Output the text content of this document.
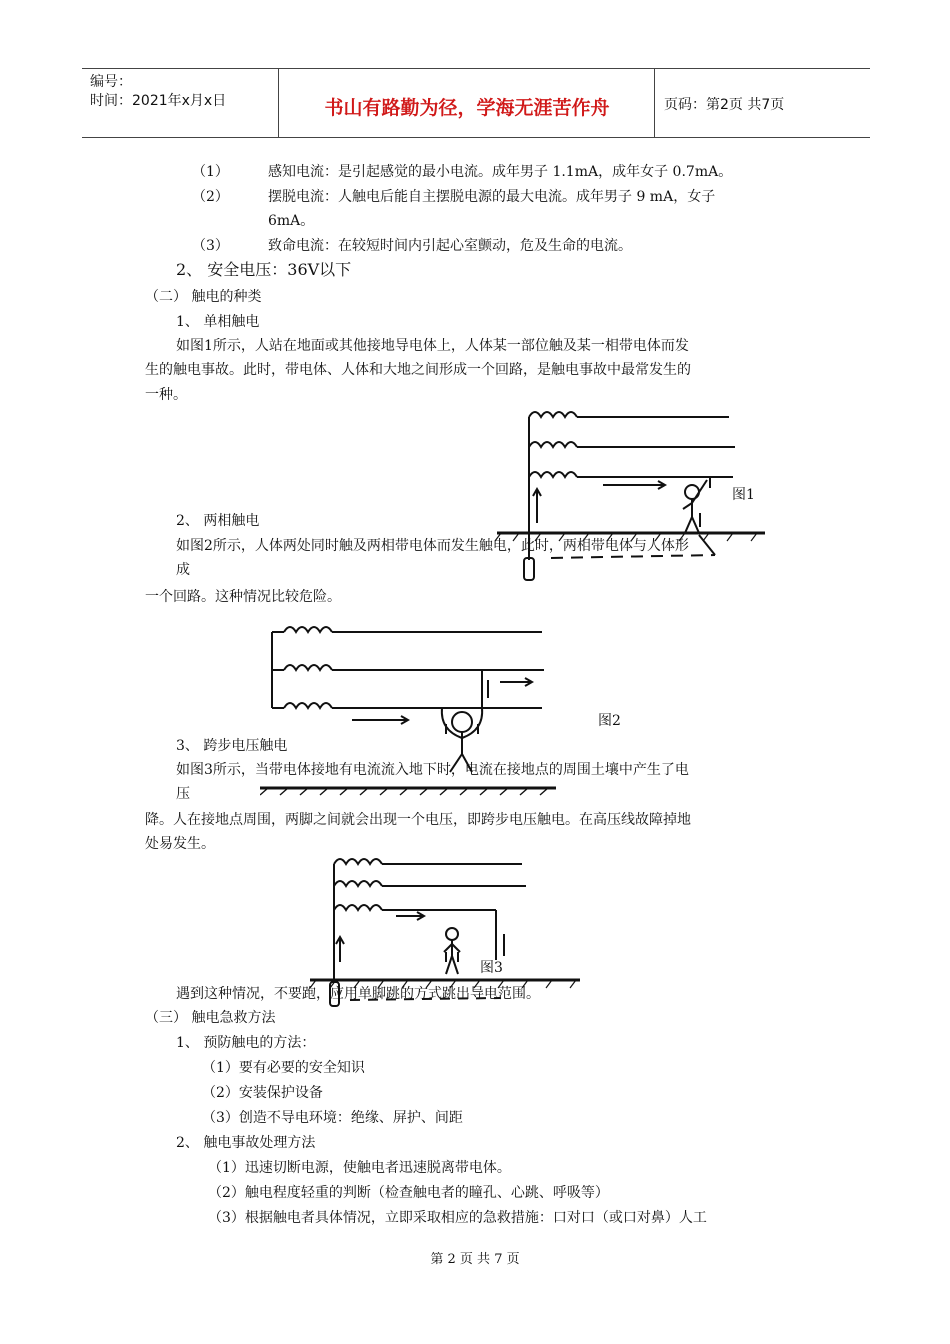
编号：
时间：2021年x月x日	书山有路勤为径，学海无涯苦作舟	页码：第2页 共7页
（1）	感知电流：是引起感觉的最小电流。成年男子 1.1mA，成年女子 0.7mA。
（2）	摆脱电流：人触电后能自主摆脱电源的最大电流。成年男子 9 mA，女子
6mA。
（3）	致命电流：在较短时间内引起心室颤动，危及生命的电流。
2、 安全电压：36V以下
（二） 触电的种类
1、 单相触电
如图1所示，人站在地面或其他接地导电体上，人体某一部位触及某一相带电体而发
生的触电事故。此时，带电体、人体和大地之间形成一个回路，是触电事故中最常发生的
一种。
2、 两相触电
如图2所示，人体两处同时触及两相带电体而发生触电，此时，两相带电体与人体形
成
一个回路。这种情况比较危险。
3、 跨步电压触电
如图3所示，当带电体接地有电流流入地下时，电流在接地点的周围土壤中产生了电
压
降。人在接地点周围，两脚之间就会出现一个电压，即跨步电压触电。在高压线故障掉地
处易发生。
遇到这种情况，不要跑，应用单脚跳的方式跳出导电范围。
（三） 触电急救方法
1、 预防触电的方法：
（1）要有必要的安全知识
（2）安装保护设备
（3）创造不导电环境：绝缘、屏护、间距
2、 触电事故处理方法
（1）迅速切断电源，使触电者迅速脱离带电体。
（2）触电程度轻重的判断（检查触电者的瞳孔、心跳、呼吸等）
（3）根据触电者具体情况，立即采取相应的急救措施：口对口（或口对鼻）人工
图1
图2
图3
第 2 页 共 7 页
